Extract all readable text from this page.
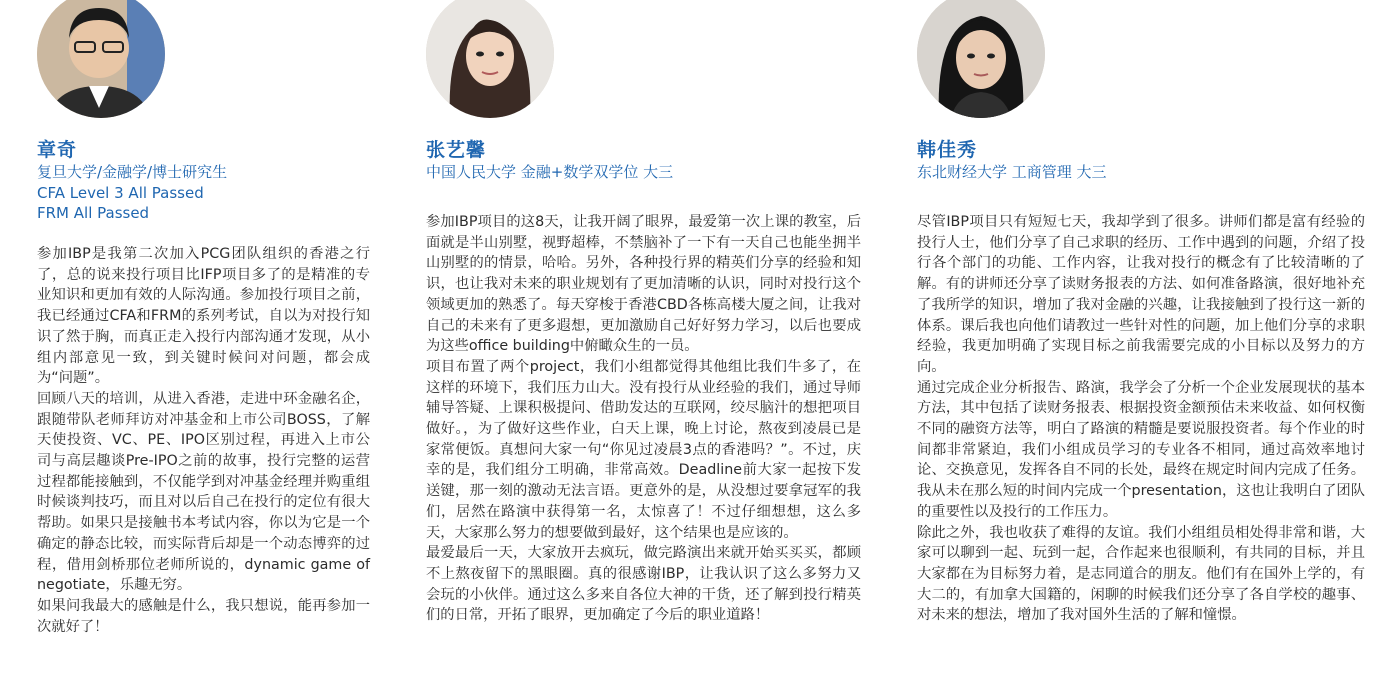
章奇
复旦大学/金融学/博士研究生
CFA Level 3 All Passed
FRM All Passed

参加IBP是我第二次加入PCG团队组织的香港之行了，总的说来投行项目比IFP项目多了的是精准的专业知识和更加有效的人际沟通。参加投行项目之前，我已经通过CFA和FRM的系列考试，自以为对投行知识了然于胸，而真正走入投行内部沟通才发现，从小组内部意见一致，到关键时候问对问题，都会成为“问题”。

回顾八天的培训，从进入香港，走进中环金融名企，跟随带队老师拜访对冲基金和上市公司BOSS，了解天使投资、VC、PE、IPO区别过程，再进入上市公司与高层趣谈Pre-IPO之前的故事，投行完整的运营过程都能接触到，不仅能学到对冲基金经理并购重组时候谈判技巧，而且对以后自己在投行的定位有很大帮助。如果只是接触书本考试内容，你以为它是一个确定的静态比较，而实际背后却是一个动态博弈的过程，借用剑桥那位老师所说的，dynamic game of negotiate，乐趣无穷。

如果问我最大的感触是什么，我只想说，能再参加一次就好了！

张艺馨
中国人民大学 金融+数学双学位 大三

参加IBP项目的这8天，让我开阔了眼界，最爱第一次上课的教室，后面就是半山别墅，视野超棒，不禁脑补了一下有一天自己也能坐拥半山别墅的的情景，哈哈。另外，各种投行界的精英们分享的经验和知识，也让我对未来的职业规划有了更加清晰的认识，同时对投行这个领域更加的熟悉了。每天穿梭于香港CBD各栋高楼大厦之间，让我对自己的未来有了更多遐想，更加激励自己好好努力学习，以后也要成为这些office building中俯瞰众生的一员。

项目布置了两个project，我们小组都觉得其他组比我们牛多了，在这样的环境下，我们压力山大。没有投行从业经验的我们，通过导师辅导答疑、上课积极提问、借助发达的互联网，绞尽脑汁的想把项目做好。，为了做好这些作业，白天上课，晚上讨论，熬夜到凌晨已是家常便饭。真想问大家一句“你见过凌晨3点的香港吗？”。不过，庆幸的是，我们组分工明确，非常高效。Deadline前大家一起按下发送键，那一刻的激动无法言语。更意外的是，从没想过要拿冠军的我们，居然在路演中获得第一名，太惊喜了！不过仔细想想，这么多天，大家那么努力的想要做到最好，这个结果也是应该的。

最爱最后一天，大家放开去疯玩，做完路演出来就开始买买买，都顾不上熬夜留下的黑眼圈。真的很感谢IBP，让我认识了这么多努力又会玩的小伙伴。通过这么多来自各位大神的干货，还了解到投行精英们的日常，开拓了眼界，更加确定了今后的职业道路！

韩佳秀
东北财经大学 工商管理 大三

尽管IBP项目只有短短七天，我却学到了很多。讲师们都是富有经验的投行人士，他们分享了自己求职的经历、工作中遇到的问题，介绍了投行各个部门的功能、工作内容，让我对投行的概念有了比较清晰的了解。有的讲师还分享了读财务报表的方法、如何准备路演，很好地补充了我所学的知识，增加了我对金融的兴趣，让我接触到了投行这一新的体系。课后我也向他们请教过一些针对性的问题，加上他们分享的求职经验，我更加明确了实现目标之前我需要完成的小目标以及努力的方向。

通过完成企业分析报告、路演，我学会了分析一个企业发展现状的基本方法，其中包括了读财务报表、根据投资金额预估未来收益、如何权衡不同的融资方法等，明白了路演的精髓是要说服投资者。每个作业的时间都非常紧迫，我们小组成员学习的专业各不相同，通过高效率地讨论、交换意见，发挥各自不同的长处，最终在规定时间内完成了任务。我从未在那么短的时间内完成一个presentation，这也让我明白了团队的重要性以及投行的工作压力。

除此之外，我也收获了难得的友谊。我们小组组员相处得非常和谐，大家可以聊到一起、玩到一起，合作起来也很顺利，有共同的目标，并且大家都在为目标努力着，是志同道合的朋友。他们有在国外上学的，有大二的，有加拿大国籍的，闲聊的时候我们还分享了各自学校的趣事、对未来的想法，增加了我对国外生活的了解和憧憬。
